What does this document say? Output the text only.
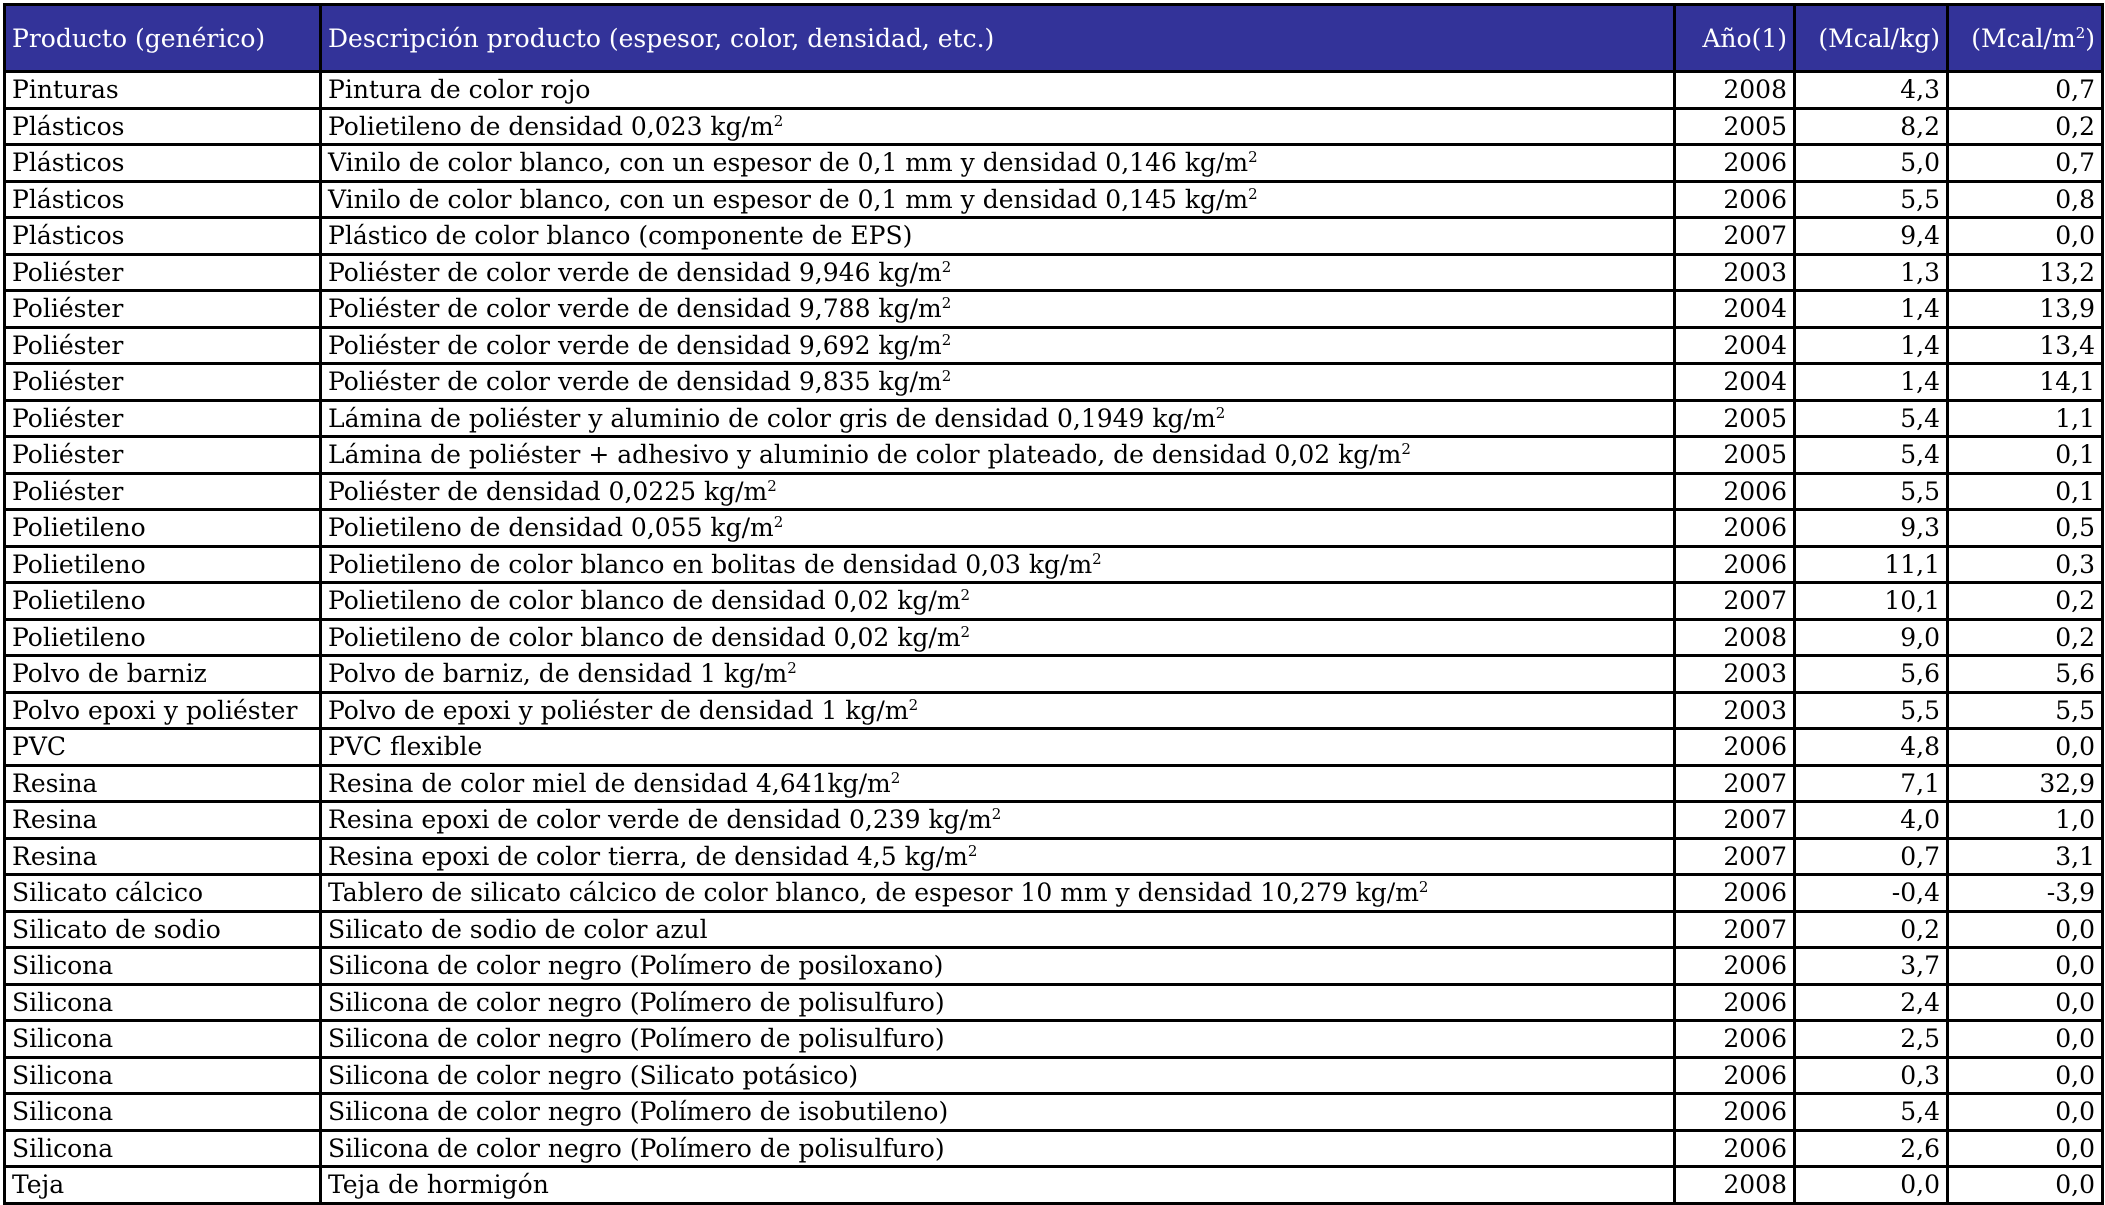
Producto (genérico)	Descripción producto (espesor, color, densidad, etc.)	Año(1)	(Mcal/kg)	$(Mcal/m^2)$
Pinturas	Pintura de color rojo	2008	4,3	0,7
Plásticos	Polietileno de densidad 0,023 $kg/m^2$	2005	8,2	0,2
Plásticos	Vinilo de color blanco, con un espesor de 0,1 mm y densidad 0,146 $kg/m^2$	2006	5,0	0,7
Plásticos	Vinilo de color blanco, con un espesor de 0,1 mm y densidad 0,145 $kg/m^2$	2006	5,5	0,8
Plásticos	Plástico de color blanco (componente de EPS)	2007	9,4	0,0
Poliéster	Poliéster de color verde de densidad 9,946 $kg/m^2$	2003	1,3	13,2
Poliéster	Poliéster de color verde de densidad 9,788 $kg/m^2$	2004	1,4	13,9
Poliéster	Poliéster de color verde de densidad 9,692 $kg/m^2$	2004	1,4	13,4
Poliéster	Poliéster de color verde de densidad 9,835 $kg/m^2$	2004	1,4	14,1
Poliéster	Lámina de poliéster y aluminio de color gris de densidad 0,1949 $kg/m^2$	2005	5,4	1,1
Poliéster	Lámina de poliéster + adhesivo y aluminio de color plateado, de densidad 0,02 $kg/m^2$	2005	5,4	0,1
Poliéster	Poliéster de densidad 0,0225 $kg/m^2$	2006	5,5	0,1
Polietileno	Polietileno de densidad 0,055 $kg/m^2$	2006	9,3	0,5
Polietileno	Polietileno de color blanco en bolitas de densidad 0,03 $kg/m^2$	2006	11,1	0,3
Polietileno	Polietileno de color blanco de densidad 0,02 $kg/m^2$	2007	10,1	0,2
Polietileno	Polietileno de color blanco de densidad 0,02 $kg/m^2$	2008	9,0	0,2
Polvo de barniz	Polvo de barniz, de densidad 1 $kg/m^2$	2003	5,6	5,6
Polvo epoxi y poliéster	Polvo de epoxi y poliéster de densidad 1 $kg/m^2$	2003	5,5	5,5
PVC	PVC flexible	2006	4,8	0,0
Resina	Resina de color miel de densidad $4,641kg/m^2$	2007	7,1	32,9
Resina	Resina epoxi de color verde de densidad 0,239 $kg/m^2$	2007	4,0	1,0
Resina	Resina epoxi de color tierra, de densidad 4,5 $kg/m^2$	2007	0,7	3,1
Silicato cálcico	Tablero de silicato cálcico de color blanco, de espesor 10 mm y densidad 10,279 $kg/m^2$	2006	-0,4	-3,9
Silicato de sodio	Silicato de sodio de color azul	2007	0,2	0,0
Silicona	Silicona de color negro (Polímero de posiloxano)	2006	3,7	0,0
Silicona	Silicona de color negro (Polímero de polisulfuro)	2006	2,4	0,0
Silicona	Silicona de color negro (Polímero de polisulfuro)	2006	2,5	0,0
Silicona	Silicona de color negro (Silicato potásico)	2006	0,3	0,0
Silicona	Silicona de color negro (Polímero de isobutileno)	2006	5,4	0,0
Silicona	Silicona de color negro (Polímero de polisulfuro)	2006	2,6	0,0
Teja	Teja de hormigón	2008	0,0	0,0
